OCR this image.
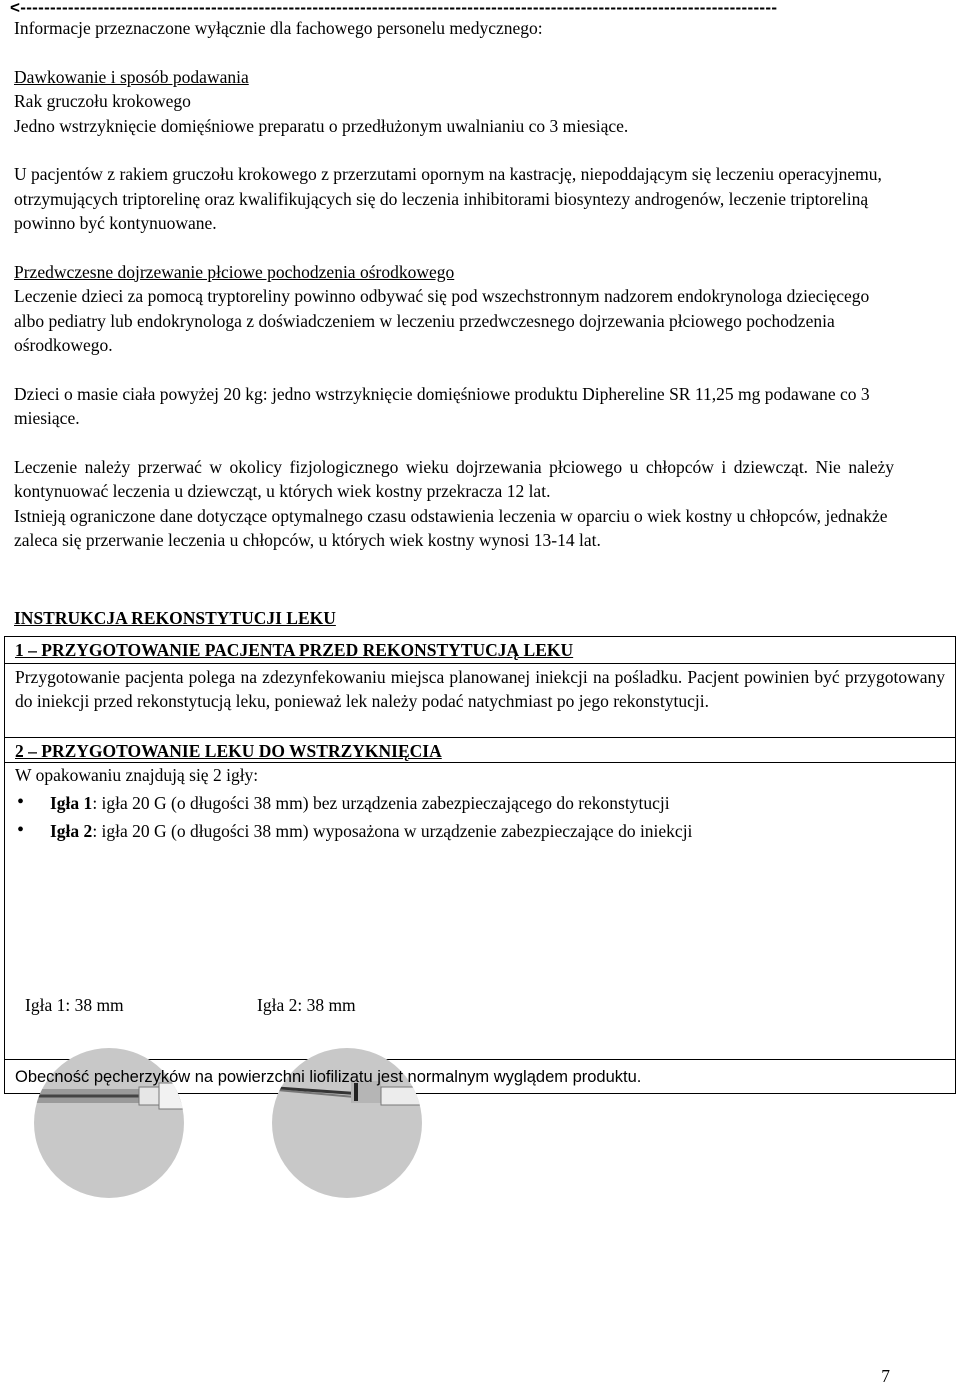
<-------------------------------------------------------------------------------------------------------------------------------

Informacje przeznaczone wyłącznie dla fachowego personelu medycznego:

Dawkowanie i sposób podawania

Rak gruczołu krokowego

Jedno wstrzyknięcie domięśniowe preparatu o przedłużonym uwalnianiu co 3 miesiące.

U pacjentów z rakiem gruczołu krokowego z przerzutami opornym na kastrację, niepoddającym się leczeniu operacyjnemu, otrzymujących triptorelinę oraz kwalifikujących się do leczenia inhibitorami biosyntezy androgenów, leczenie triptoreliną powinno być kontynuowane.

Przedwczesne dojrzewanie płciowe pochodzenia ośrodkowego

Leczenie dzieci za pomocą tryptoreliny powinno odbywać się pod wszechstronnym nadzorem endokrynologa dziecięcego albo pediatry lub endokrynologa z doświadczeniem w leczeniu przedwczesnego dojrzewania płciowego pochodzenia ośrodkowego.

Dzieci o masie ciała powyżej 20 kg: jedno wstrzyknięcie domięśniowe produktu Diphereline SR 11,25 mg podawane co 3 miesiące.

Leczenie należy przerwać w okolicy fizjologicznego wieku dojrzewania płciowego u chłopców i dziewcząt. Nie należy kontynuować leczenia u dziewcząt, u których wiek kostny przekracza 12 lat.

Istnieją ograniczone dane dotyczące optymalnego czasu odstawienia leczenia w oparciu o wiek kostny u chłopców, jednakże zaleca się przerwanie leczenia u chłopców, u których wiek kostny wynosi 13-14 lat.

INSTRUKCJA REKONSTYTUCJI LEKU
1 – PRZYGOTOWANIE PACJENTA PRZED REKONSTYTUCJĄ LEKU
Przygotowanie pacjenta polega na zdezynfekowaniu miejsca planowanej iniekcji na pośladku. Pacjent powinien być przygotowany do iniekcji przed rekonstytucją leku, ponieważ lek należy podać natychmiast po jego rekonstytucji.
2 – PRZYGOTOWANIE LEKU DO WSTRZYKNIĘCIA
W opakowaniu znajdują się 2 igły:
• Igła 1: igła 20 G (o długości 38 mm) bez urządzenia zabezpieczającego do rekonstytucji
• Igła 2: igła 20 G (o długości 38 mm) wyposażona w urządzenie zabezpieczające do iniekcji
Igła 1: 38 mm	Igła 2: 38 mm
Obecność pęcherzyków na powierzchni liofilizatu jest normalnym wyglądem produktu.
7
